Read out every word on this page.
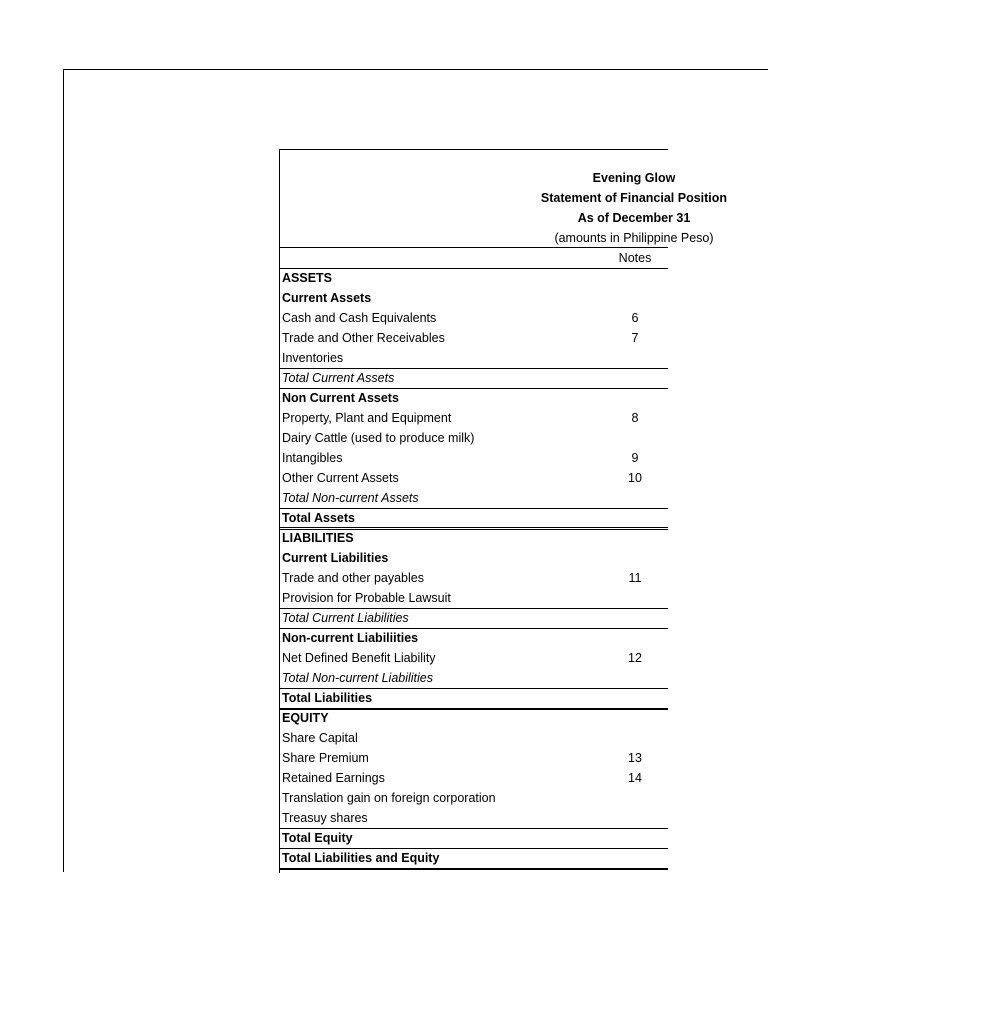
Evening Glow
Statement of Financial Position
As of December 31
(amounts in Philippine Peso)
Notes
ASSETS
Current Assets
Cash and Cash Equivalents	6
Trade and Other Receivables	7
Inventories
Total Current Assets
Non Current Assets
Property, Plant and Equipment	8
Dairy Cattle (used to produce milk)
Intangibles	9
Other Current Assets	10
Total Non-current Assets
Total Assets
LIABILITIES
Current Liabilities
Trade and other payables	11
Provision for Probable Lawsuit
Total Current Liabilities
Non-current Liabiliities
Net Defined Benefit Liability	12
Total Non-current Liabilities
Total Liabilities
EQUITY
Share Capital
Share Premium	13
Retained Earnings	14
Translation gain on foreign corporation
Treasuy shares
Total Equity
Total Liabilities and Equity
